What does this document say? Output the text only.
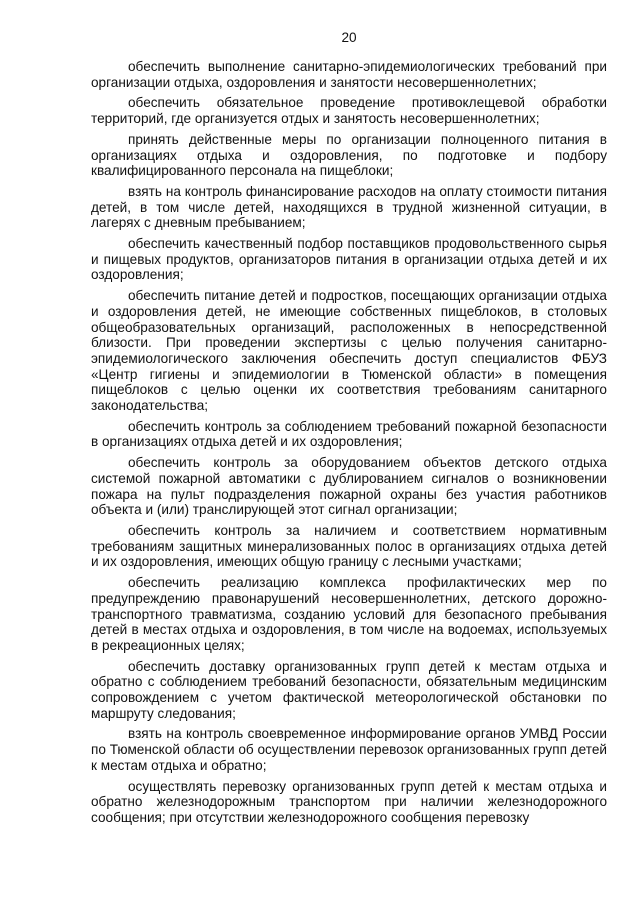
20

обеспечить выполнение санитарно-эпидемиологических требований при организации отдыха, оздоровления и занятости несовершеннолетних;

обеспечить обязательное проведение противоклещевой обработки территорий, где организуется отдых и занятость несовершеннолетних;

принять действенные меры по организации полноценного питания в организациях отдыха и оздоровления, по подготовке и подбору квалифицированного персонала на пищеблоки;

взять на контроль финансирование расходов на оплату стоимости питания детей, в том числе детей, находящихся в трудной жизненной ситуации, в лагерях с дневным пребыванием;

обеспечить качественный подбор поставщиков продовольственного сырья и пищевых продуктов, организаторов питания в организации отдыха детей и их оздоровления;

обеспечить питание детей и подростков, посещающих организации отдыха и оздоровления детей, не имеющие собственных пищеблоков, в столовых общеобразовательных организаций, расположенных в непосредственной близости. При проведении экспертизы с целью получения санитарно-эпидемиологического заключения обеспечить доступ специалистов ФБУЗ «Центр гигиены и эпидемиологии в Тюменской области» в помещения пищеблоков с целью оценки их соответствия требованиям санитарного законодательства;

обеспечить контроль за соблюдением требований пожарной безопасности в организациях отдыха детей и их оздоровления;

обеспечить контроль за оборудованием объектов детского отдыха системой пожарной автоматики с дублированием сигналов о возникновении пожара на пульт подразделения пожарной охраны без участия работников объекта и (или) транслирующей этот сигнал организации;

обеспечить контроль за наличием и соответствием нормативным требованиям защитных минерализованных полос в организациях отдыха детей и их оздоровления, имеющих общую границу с лесными участками;

обеспечить реализацию комплекса профилактических мер по предупреждению правонарушений несовершеннолетних, детского дорожно-транспортного травматизма, созданию условий для безопасного пребывания детей в местах отдыха и оздоровления, в том числе на водоемах, используемых в рекреационных целях;

обеспечить доставку организованных групп детей к местам отдыха и обратно с соблюдением требований безопасности, обязательным медицинским сопровождением с учетом фактической метеорологической обстановки по маршруту следования;

взять на контроль своевременное информирование органов УМВД России по Тюменской области об осуществлении перевозок организованных групп детей к местам отдыха и обратно;

осуществлять перевозку организованных групп детей к местам отдыха и обратно железнодорожным транспортом при наличии железнодорожного сообщения; при отсутствии железнодорожного сообщения перевозку
